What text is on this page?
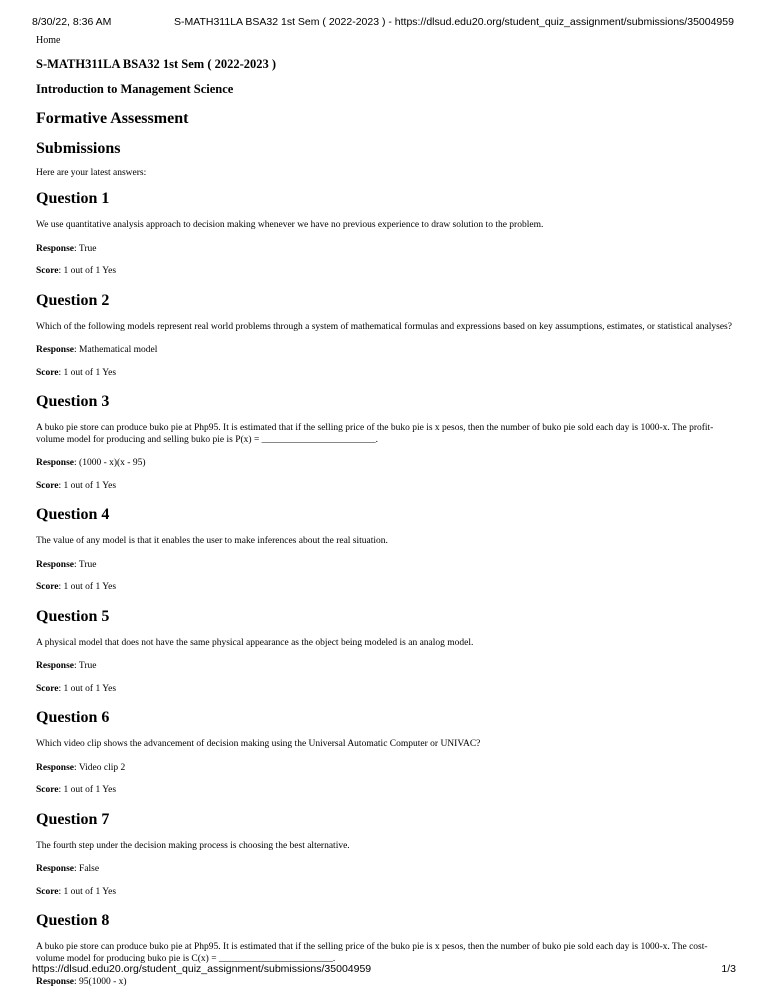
8/30/22, 8:36 AM	S-MATH311LA BSA32 1st Sem ( 2022-2023 ) - https://dlsud.edu20.org/student_quiz_assignment/submissions/35004959
Home
S-MATH311LA BSA32 1st Sem ( 2022-2023 )
Introduction to Management Science
Formative Assessment
Submissions

Here are your latest answers:

Question 1
We use quantitative analysis approach to decision making whenever we have no previous experience to draw solution to the problem.
Response: True
Score: 1 out of 1 Yes
Question 2
Which of the following models represent real world problems through a system of mathematical formulas and expressions based on key assumptions, estimates, or statistical analyses?
Response: Mathematical model
Score: 1 out of 1 Yes
Question 3
A buko pie store can produce buko pie at Php95. It is estimated that if the selling price of the buko pie is x pesos, then the number of buko pie sold each day is 1000-x. The profit-volume model for producing and selling buko pie is P(x) = ________________________.
Response: (1000 - x)(x - 95)
Score: 1 out of 1 Yes
Question 4
The value of any model is that it enables the user to make inferences about the real situation.
Response: True
Score: 1 out of 1 Yes
Question 5
A physical model that does not have the same physical appearance as the object being modeled is an analog model.
Response: True
Score: 1 out of 1 Yes
Question 6
Which video clip shows the advancement of decision making using the Universal Automatic Computer or UNIVAC?
Response: Video clip 2
Score: 1 out of 1 Yes
Question 7
The fourth step under the decision making process is choosing the best alternative.
Response: False
Score: 1 out of 1 Yes
Question 8
A buko pie store can produce buko pie at Php95. It is estimated that if the selling price of the buko pie is x pesos, then the number of buko pie sold each day is 1000-x. The cost-volume model for producing buko pie is C(x) = ________________________.
Response: 95(1000 - x)
https://dlsud.edu20.org/student_quiz_assignment/submissions/35004959	1/3
